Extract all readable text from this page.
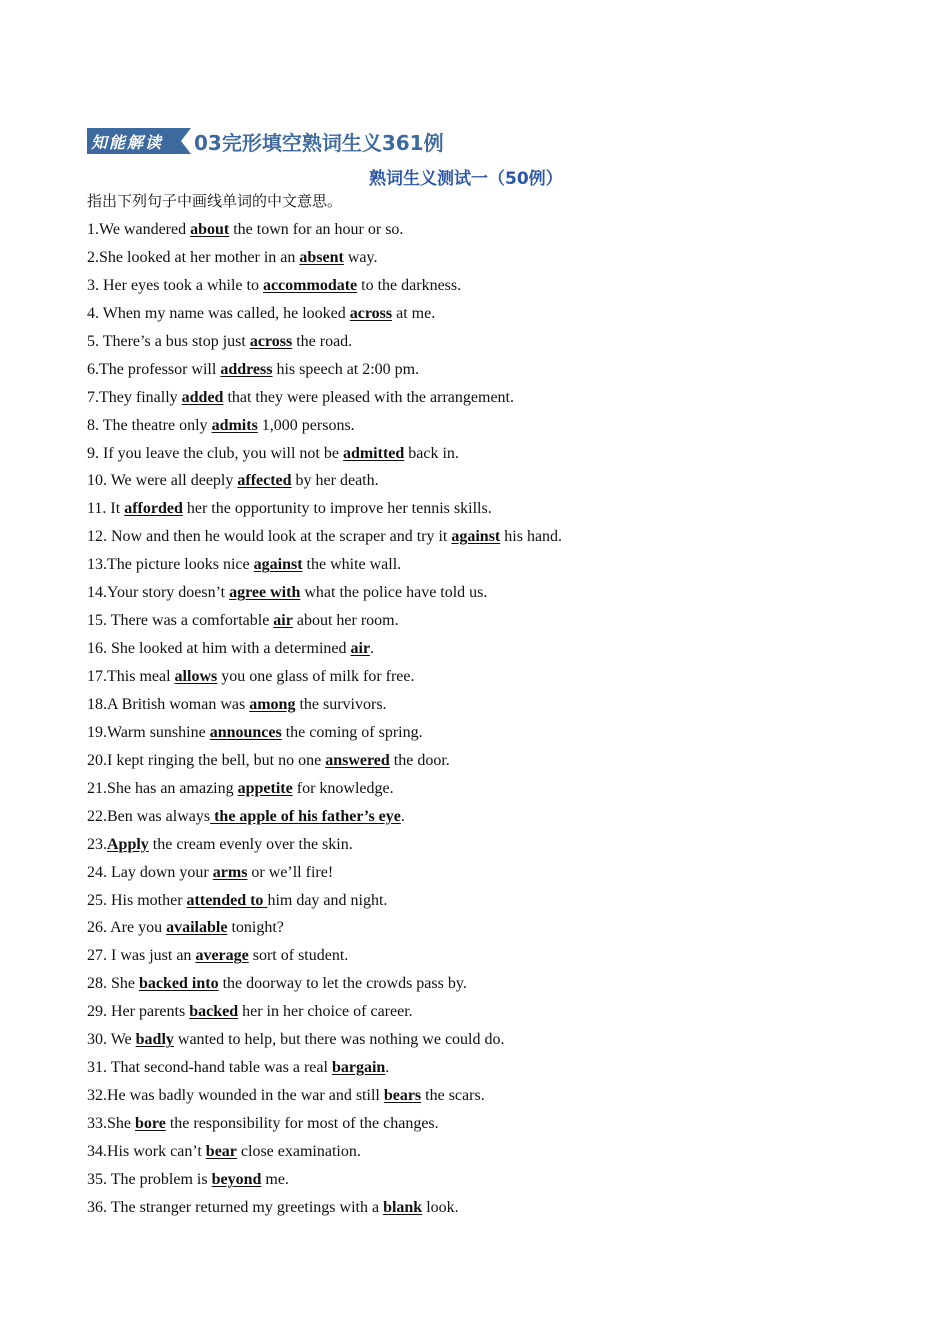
知能解读 03完形填空熟词生义361例
熟词生义测试一（50例）
指出下列句子中画线单词的中文意思。
1.We wandered about the town for an hour or so.
2.She looked at her mother in an absent way.
3. Her eyes took a while to accommodate to the darkness.
4. When my name was called, he looked across at me.
5. There’s a bus stop just across the road.
6.The professor will address his speech at 2:00 pm.
7.They finally added that they were pleased with the arrangement.
8. The theatre only admits 1,000 persons.
9. If you leave the club, you will not be admitted back in.
10. We were all deeply affected by her death.
11. It afforded her the opportunity to improve her tennis skills.
12. Now and then he would look at the scraper and try it against his hand.
13.The picture looks nice against the white wall.
14.Your story doesn’t agree with what the police have told us.
15. There was a comfortable air about her room.
16. She looked at him with a determined air.
17.This meal allows you one glass of milk for free.
18.A British woman was among the survivors.
19.Warm sunshine announces the coming of spring.
20.I kept ringing the bell, but no one answered the door.
21.She has an amazing appetite for knowledge.
22.Ben was always the apple of his father’s eye.
23.Apply the cream evenly over the skin.
24. Lay down your arms or we’ll fire!
25. His mother attended to him day and night.
26. Are you available tonight?
27. I was just an average sort of student.
28. She backed into the doorway to let the crowds pass by.
29. Her parents backed her in her choice of career.
30. We badly wanted to help, but there was nothing we could do.
31. That second-hand table was a real bargain.
32.He was badly wounded in the war and still bears the scars.
33.She bore the responsibility for most of the changes.
34.His work can’t bear close examination.
35. The problem is beyond me.
36. The stranger returned my greetings with a blank look.
